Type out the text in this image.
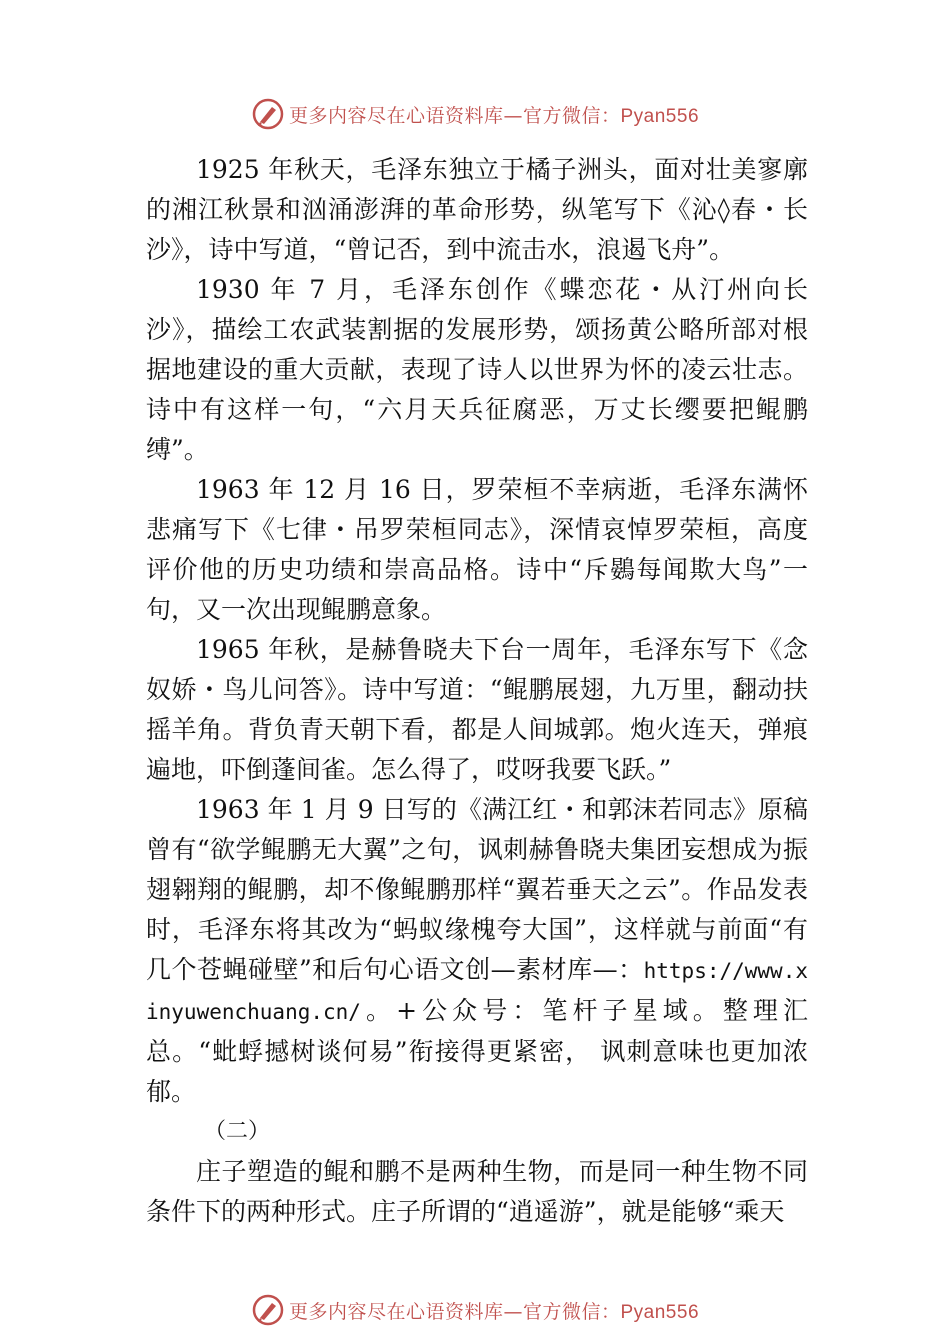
更多内容尽在心语资料库—官方微信：Pyan556

1925 年秋天，毛泽东独立于橘子洲头，面对壮美寥廓的湘江秋景和汹涌澎湃的革命形势，纵笔写下《沁◊春・长沙》，诗中写道，“曾记否，到中流击水，浪遏飞舟”。

1930 年 7 月，毛泽东创作《蝶恋花・从汀州向长沙》，描绘工农武装割据的发展形势，颂扬黄公略所部对根据地建设的重大贡献，表现了诗人以世界为怀的凌云壮志。诗中有这样一句，“六月天兵征腐恶，万丈长缨要把鲲鹏缚”。

1963 年 12 月 16 日，罗荣桓不幸病逝，毛泽东满怀悲痛写下《七律・吊罗荣桓同志》，深情哀悼罗荣桓，高度评价他的历史功绩和崇高品格。诗中“斥鷃每闻欺大鸟”一句，又一次出现鲲鹏意象。

1965 年秋，是赫鲁晓夫下台一周年，毛泽东写下《念奴娇・鸟儿问答》。诗中写道：“鲲鹏展翅，九万里，翻动扶摇羊角。背负青天朝下看，都是人间城郭。炮火连天，弹痕遍地，吓倒蓬间雀。怎么得了，哎呀我要飞跃。”

1963 年 1 月 9 日写的《满江红・和郭沫若同志》原稿曾有“欲学鲲鹏无大翼”之句，讽刺赫鲁晓夫集团妄想成为振翅翱翔的鲲鹏，却不像鲲鹏那样“翼若垂天之云”。作品发表时，毛泽东将其改为“蚂蚁缘槐夸大国”，这样就与前面“有几个苍蝇碰壁”和后句心语文创—素材库—：https://www.xinyuwenchuang.cn/。+公众号：笔杆子星域。整理汇总。“蚍蜉撼树谈何易”衔接得更紧密， 讽刺意味也更加浓郁。

（二）

庄子塑造的鲲和鹏不是两种生物，而是同一种生物不同条件下的两种形式。庄子所谓的“逍遥游”，就是能够“乘天

更多内容尽在心语资料库—官方微信：Pyan556
